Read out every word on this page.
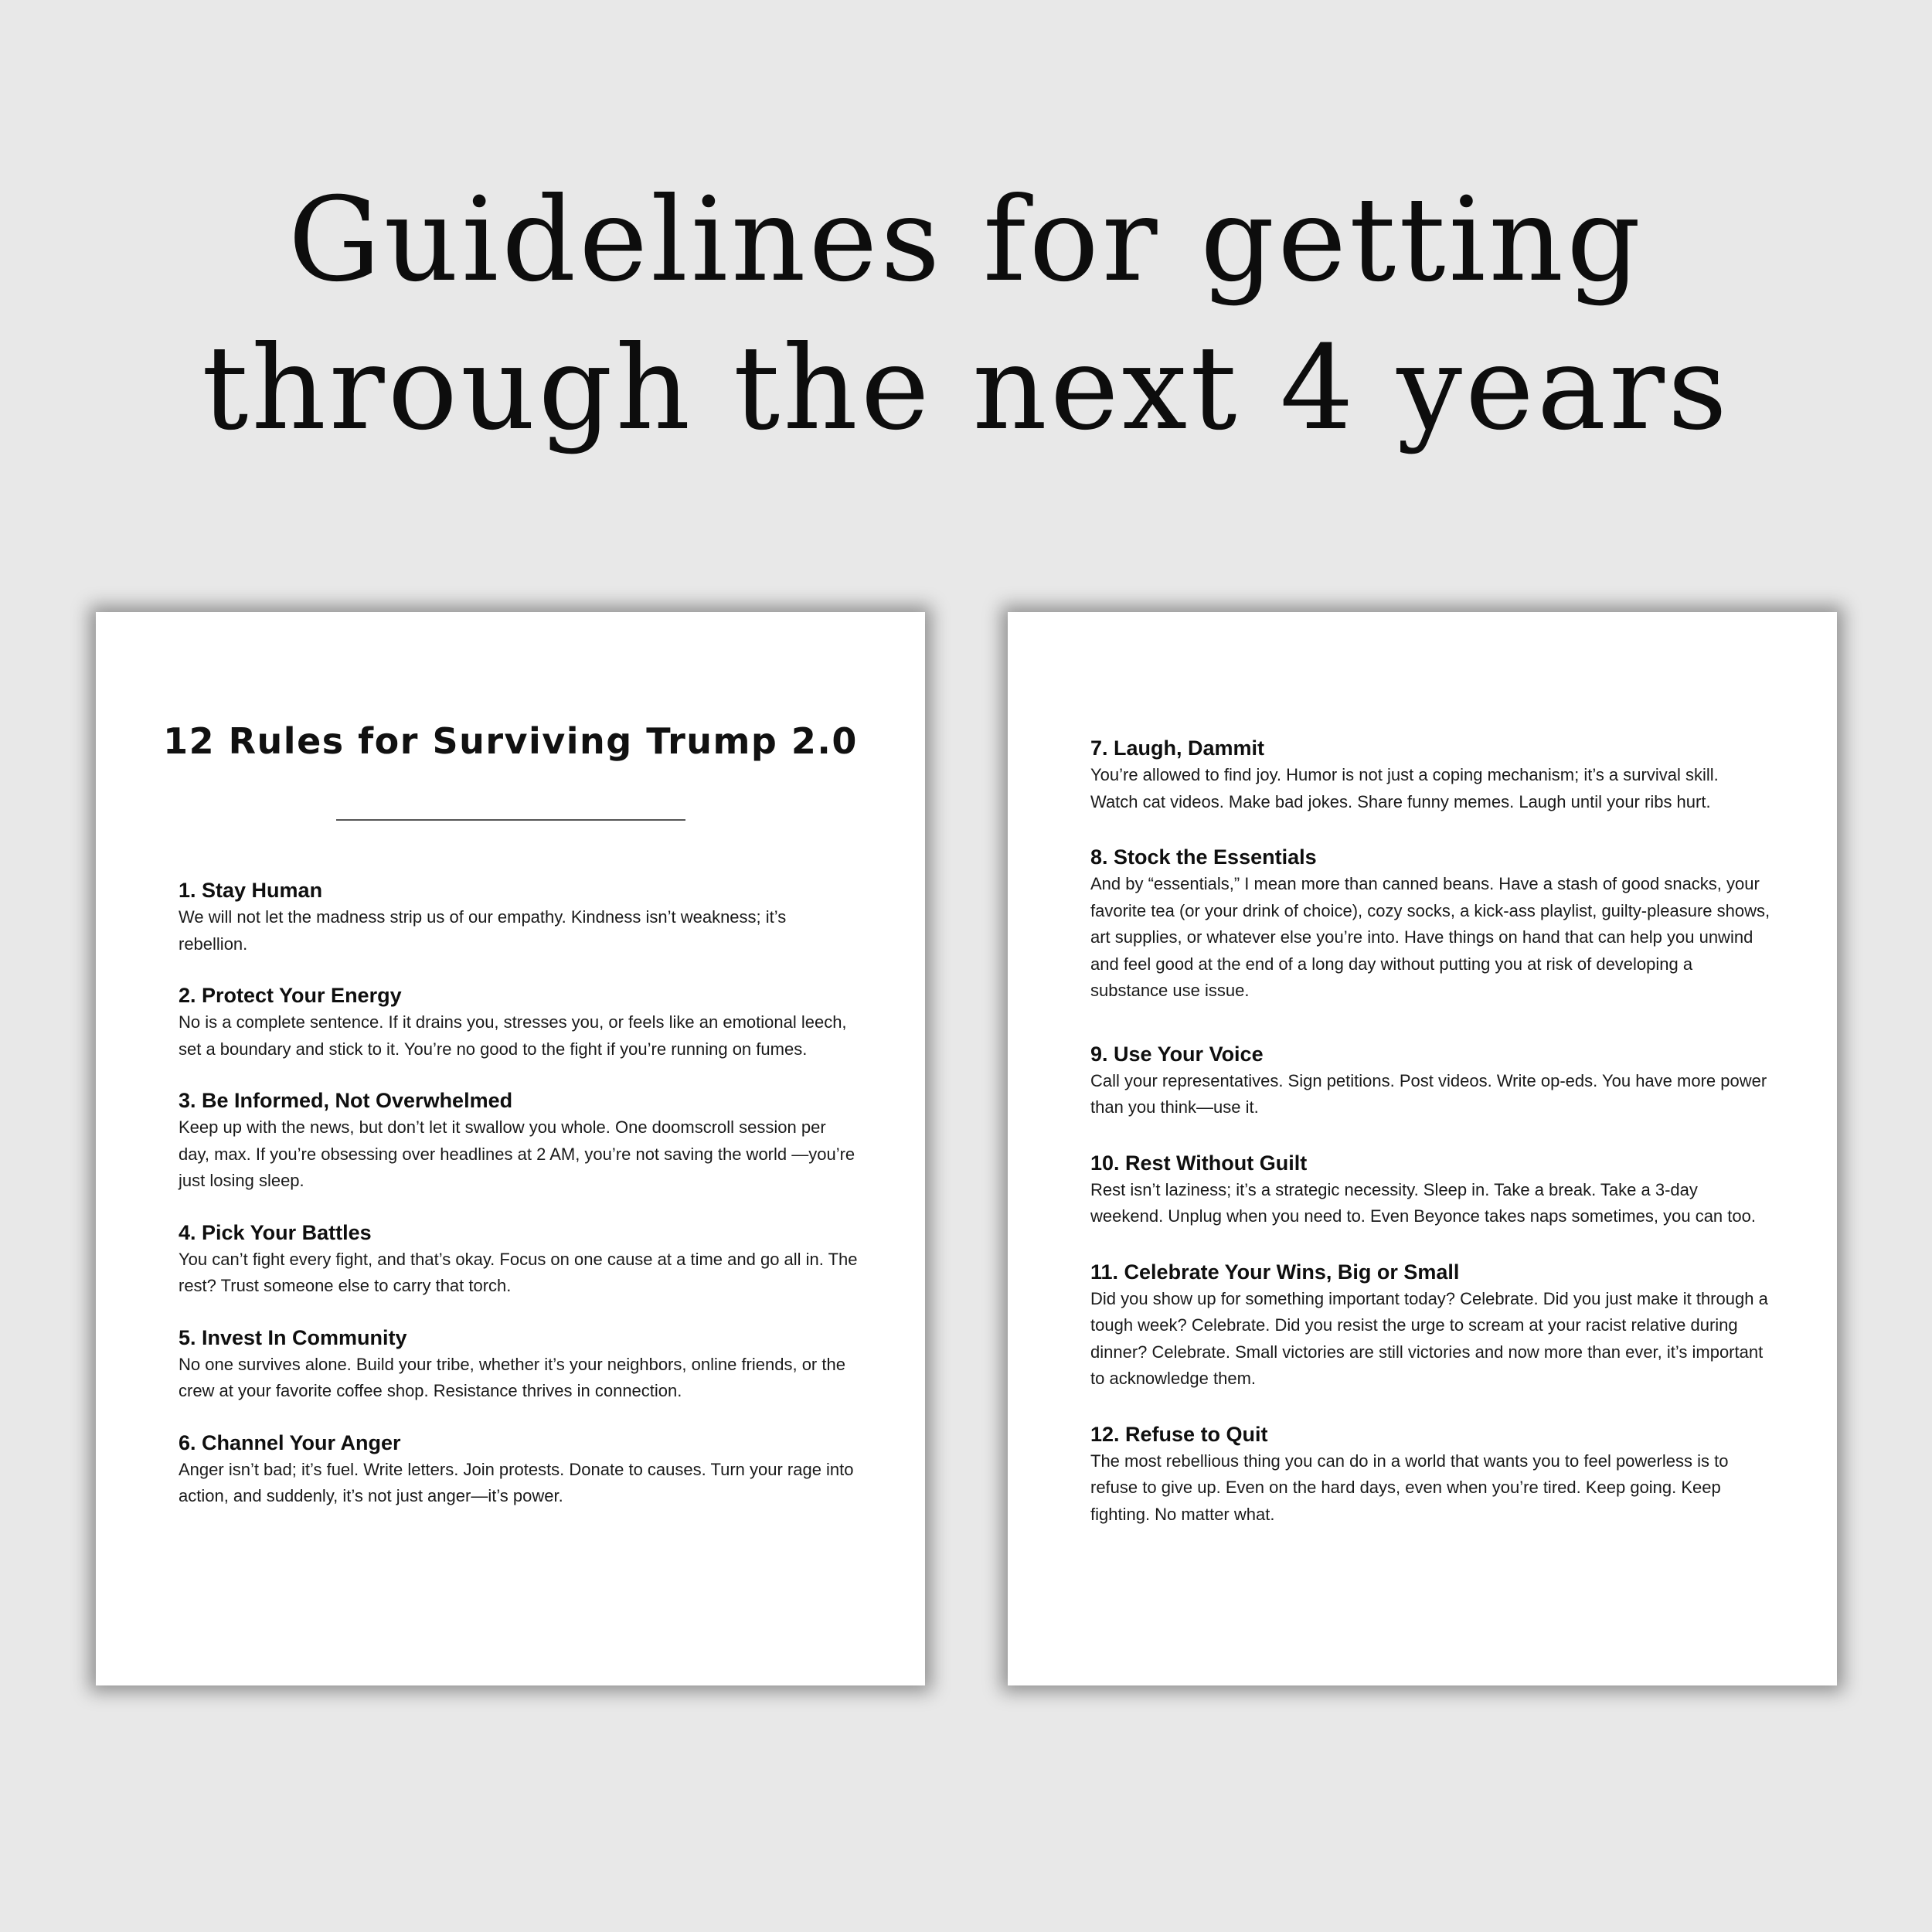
Guidelines for getting
through the next 4 years
12 Rules for Surviving Trump 2.0

1. Stay Human
We will not let the madness strip us of our empathy. Kindness isn’t weakness; it’s rebellion.

2. Protect Your Energy
No is a complete sentence. If it drains you, stresses you, or feels like an emotional leech, set a boundary and stick to it. You’re no good to the fight if you’re running on fumes.

3. Be Informed, Not Overwhelmed
Keep up with the news, but don’t let it swallow you whole. One doomscroll session per day, max. If you’re obsessing over headlines at 2 AM, you’re not saving the world —you’re just losing sleep.

4. Pick Your Battles
You can’t fight every fight, and that’s okay. Focus on one cause at a time and go all in. The rest? Trust someone else to carry that torch.

5. Invest In Community
No one survives alone. Build your tribe, whether it’s your neighbors, online friends, or the crew at your favorite coffee shop. Resistance thrives in connection.

6. Channel Your Anger
Anger isn’t bad; it’s fuel. Write letters. Join protests. Donate to causes. Turn your rage into action, and suddenly, it’s not just anger—it’s power.

7. Laugh, Dammit
You’re allowed to find joy. Humor is not just a coping mechanism; it’s a survival skill. Watch cat videos. Make bad jokes. Share funny memes. Laugh until your ribs hurt.

8. Stock the Essentials
And by “essentials,” I mean more than canned beans. Have a stash of good snacks, your favorite tea (or your drink of choice), cozy socks, a kick-ass playlist, guilty-pleasure shows, art supplies, or whatever else you’re into. Have things on hand that can help you unwind and feel good at the end of a long day without putting you at risk of developing a substance use issue.

9. Use Your Voice
Call your representatives. Sign petitions. Post videos. Write op-eds. You have more power than you think—use it.

10. Rest Without Guilt
Rest isn’t laziness; it’s a strategic necessity. Sleep in. Take a break. Take a 3-day weekend. Unplug when you need to. Even Beyonce takes naps sometimes, you can too.

11. Celebrate Your Wins, Big or Small
Did you show up for something important today? Celebrate. Did you just make it through a tough week? Celebrate. Did you resist the urge to scream at your racist relative during dinner? Celebrate. Small victories are still victories and now more than ever, it’s important to acknowledge them.

12. Refuse to Quit
The most rebellious thing you can do in a world that wants you to feel powerless is to refuse to give up. Even on the hard days, even when you’re tired. Keep going. Keep fighting. No matter what.
